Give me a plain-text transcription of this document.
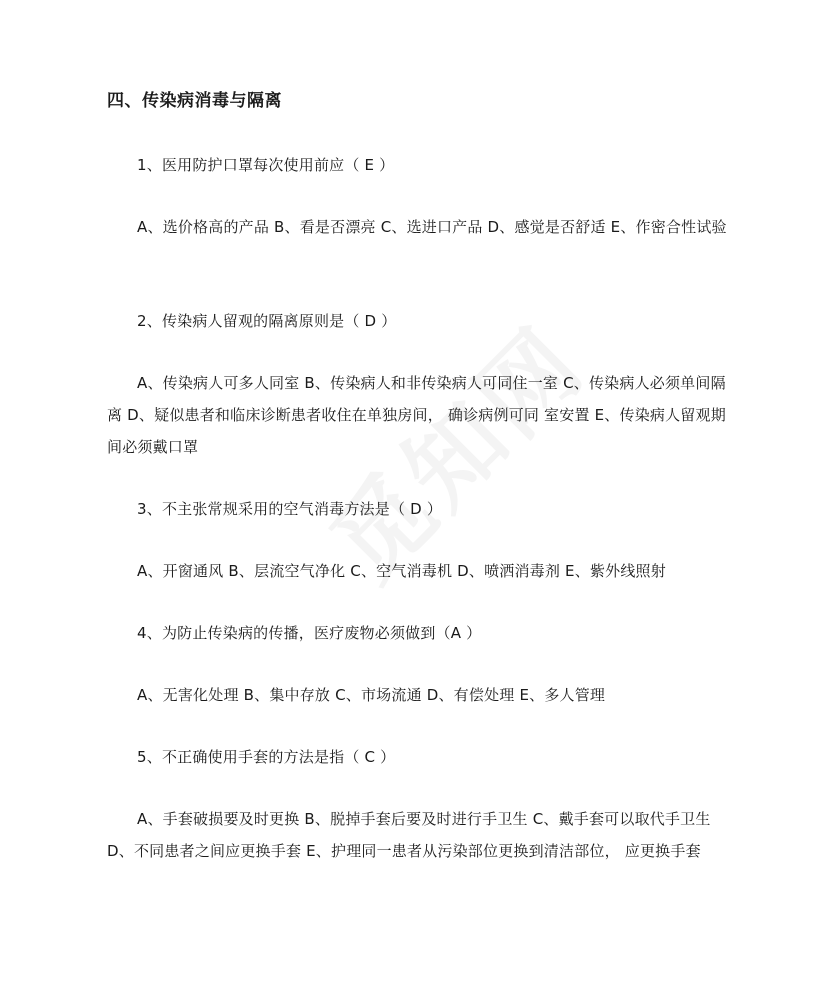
四、传染病消毒与隔离
1、医用防护口罩每次使用前应（ E ）
A、选价格高的产品 B、看是否漂亮 C、选进口产品 D、感觉是否舒适 E、作密合性试验
2、传染病人留观的隔离原则是（ D ）
A、传染病人可多人同室 B、传染病人和非传染病人可同住一室 C、传染病人必须单间隔离 D、疑似患者和临床诊断患者收住在单独房间， 确诊病例可同 室安置 E、传染病人留观期间必须戴口罩
3、不主张常规采用的空气消毒方法是（ D ）
A、开窗通风 B、层流空气净化 C、空气消毒机 D、喷洒消毒剂 E、紫外线照射
4、为防止传染病的传播，医疗废物必须做到（A ）
A、无害化处理 B、集中存放 C、市场流通 D、有偿处理 E、多人管理
5、不正确使用手套的方法是指（ C ）
A、手套破损要及时更换 B、脱掉手套后要及时进行手卫生 C、戴手套可以取代手卫生 D、不同患者之间应更换手套 E、护理同一患者从污染部位更换到清洁部位， 应更换手套
